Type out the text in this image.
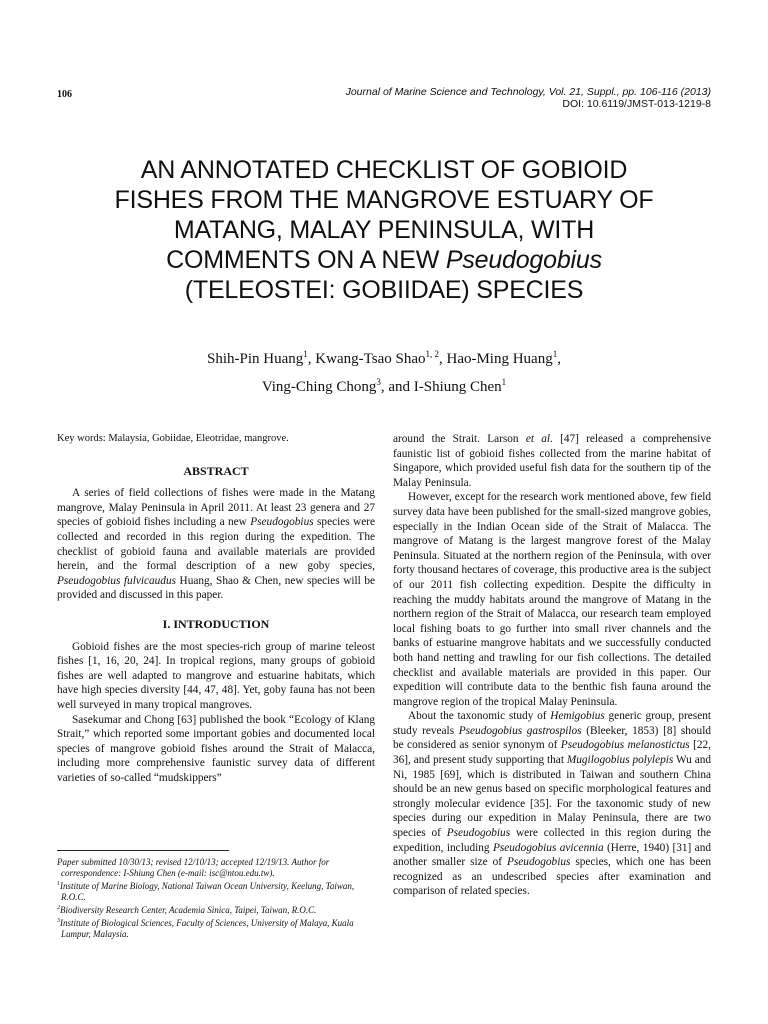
106	Journal of Marine Science and Technology, Vol. 21, Suppl., pp. 106-116 (2013)
DOI: 10.6119/JMST-013-1219-8
AN ANNOTATED CHECKLIST OF GOBIOID
FISHES FROM THE MANGROVE ESTUARY OF
MATANG, MALAY PENINSULA, WITH
COMMENTS ON A NEW Pseudogobius
(TELEOSTEI: GOBIIDAE) SPECIES
Shih-Pin Huang$^1$, Kwang-Tsao Shao$^{1, 2}$, Hao-Ming Huang$^1$,
Ving-Ching Chong$^3$, and I-Shiung Chen$^1$
Key words: Malaysia, Gobiidae, Eleotridae, mangrove.
ABSTRACT

A series of field collections of fishes were made in the Matang mangrove, Malay Peninsula in April 2011. At least 23 genera and 27 species of gobioid fishes including a new Pseudogobius species were collected and recorded in this region during the expedition. The checklist of gobioid fauna and available materials are provided herein, and the formal description of a new goby species, Pseudogobius fulvicaudus Huang, Shao & Chen, new species will be provided and discussed in this paper.

I. INTRODUCTION

Gobioid fishes are the most species-rich group of marine teleost fishes [1, 16, 20, 24]. In tropical regions, many groups of gobioid fishes are well adapted to mangrove and estuarine habitats, which have high species diversity [44, 47, 48]. Yet, goby fauna has not been well surveyed in many tropical mangroves.

Sasekumar and Chong [63] published the book “Ecology of Klang Strait,” which reported some important gobies and documented local species of mangrove gobioid fishes around the Strait of Malacca, including more comprehensive faunistic survey data of different varieties of so-called “mudskippers”

around the Strait. Larson et al. [47] released a comprehensive faunistic list of gobioid fishes collected from the marine habitat of Singapore, which provided useful fish data for the southern tip of the Malay Peninsula.

However, except for the research work mentioned above, few field survey data have been published for the small-sized mangrove gobies, especially in the Indian Ocean side of the Strait of Malacca. The mangrove of Matang is the largest mangrove forest of the Malay Peninsula. Situated at the northern region of the Peninsula, with over forty thousand hectares of coverage, this productive area is the subject of our 2011 fish collecting expedition. Despite the difficulty in reaching the muddy habitats around the mangrove of Matang in the northern region of the Strait of Malacca, our research team employed local fishing boats to go further into small river channels and the banks of estuarine mangrove habitats and we successfully conducted both hand netting and trawling for our fish collections. The detailed checklist and available materials are provided in this paper. Our expedition will contribute data to the benthic fish fauna around the mangrove region of the tropical Malay Peninsula.

About the taxonomic study of Hemigobius generic group, present study reveals Pseudogobius gastrospilos (Bleeker, 1853) [8] should be considered as senior synonym of Pseudogobius melanostictus [22, 36], and present study supporting that Mugilogobius polylepis Wu and Ni, 1985 [69], which is distributed in Taiwan and southern China should be an new genus based on specific morphological features and strongly molecular evidence [35]. For the taxonomic study of new species during our expedition in Malay Peninsula, there are two species of Pseudogobius were collected in this region during the expedition, including Pseudogobius avicennia (Herre, 1940) [31] and another smaller size of Pseudogobius species, which one has been recognized as an undescribed species after examination and comparison of related species.

Paper submitted 10/30/13; revised 12/10/13; accepted 12/19/13. Author for correspondence: I-Shiung Chen (e-mail: isc@ntou.edu.tw).
$^1$Institute of Marine Biology, National Taiwan Ocean University, Keelung, Taiwan, R.O.C.
$^2$Biodiversity Research Center, Academia Sinica, Taipei, Taiwan, R.O.C.
$^3$Institute of Biological Sciences, Faculty of Sciences, University of Malaya, Kuala Lumpur, Malaysia.
